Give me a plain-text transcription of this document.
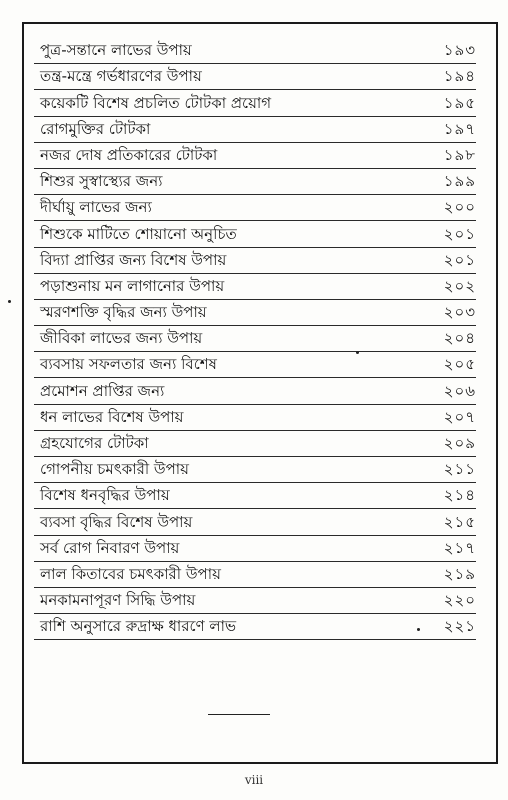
পুত্র-সন্তানে লাভের উপায়	১৯৩
তন্ত্র-মন্ত্রে গর্ভধারণের উপায়	১৯৪
কয়েকটি বিশেষ প্রচলিত টোটকা প্রয়োগ	১৯৫
রোগমুক্তির টোটকা	১৯৭
নজর দোষ প্রতিকারের টোটকা	১৯৮
শিশুর সুস্বাস্থ্যের জন্য	১৯৯
দীর্ঘায়ু লাভের জন্য	২০০
শিশুকে মাটিতে শোয়ানো অনুচিত	২০১
বিদ্যা প্রাপ্তির জন্য বিশেষ উপায়	২০১
পড়াশুনায় মন লাগানোর উপায়	২০২
স্মরণশক্তি বৃদ্ধির জন্য উপায়	২০৩
জীবিকা লাভের জন্য উপায়	২০৪
ব্যবসায় সফলতার জন্য বিশেষ	২০৫
প্রমোশন প্রাপ্তির জন্য	২০৬
ধন লাভের বিশেষ উপায়	২০৭
গ্রহযোগের টোটকা	২০৯
গোপনীয় চমৎকারী উপায়	২১১
বিশেষ ধনবৃদ্ধির উপায়	২১৪
ব্যবসা বৃদ্ধির বিশেষ উপায়	২১৫
সর্ব রোগ নিবারণ উপায়	২১৭
লাল কিতাবের চমৎকারী উপায়	২১৯
মনকামনাপূরণ সিদ্ধি উপায়	২২০
রাশি অনুসারে রুদ্রাক্ষ ধারণে লাভ	২২১
viii
